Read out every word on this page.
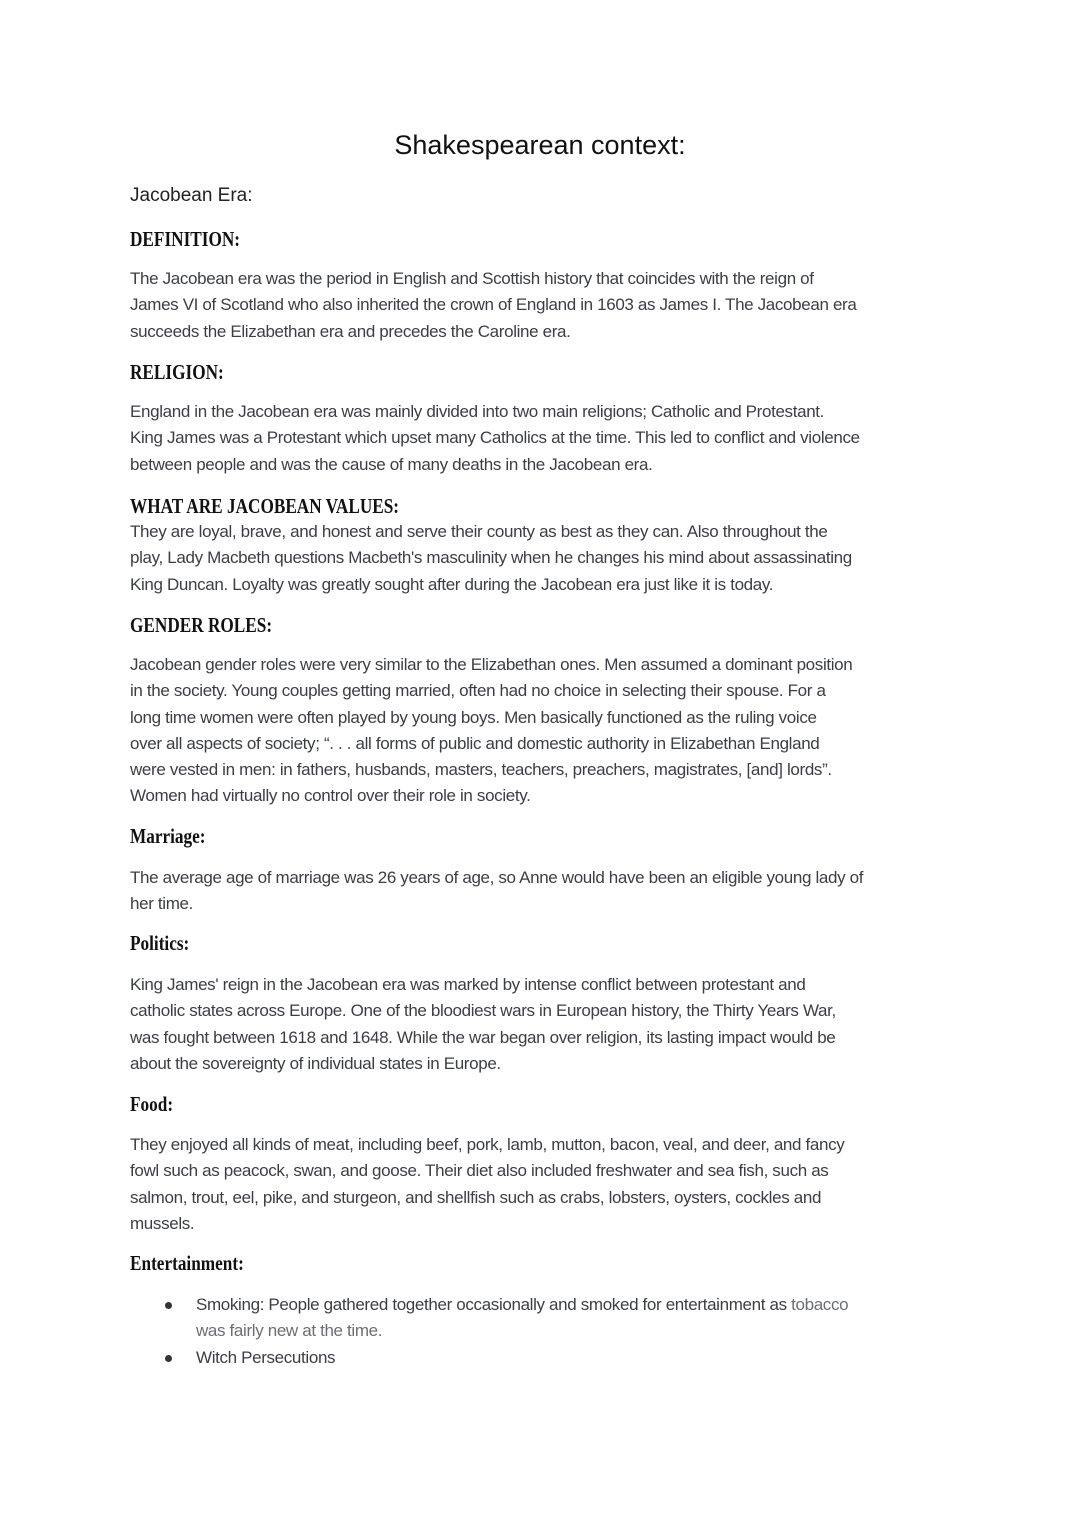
Shakespearean context:
Jacobean Era:
DEFINITION:
The Jacobean era was the period in English and Scottish history that coincides with the reign of
James VI of Scotland who also inherited the crown of England in 1603 as James I. The Jacobean era
succeeds the Elizabethan era and precedes the Caroline era.
RELIGION:
England in the Jacobean era was mainly divided into two main religions; Catholic and Protestant.
King James was a Protestant which upset many Catholics at the time. This led to conflict and violence
between people and was the cause of many deaths in the Jacobean era.
WHAT ARE JACOBEAN VALUES:
They are loyal, brave, and honest and serve their county as best as they can. Also throughout the
play, Lady Macbeth questions Macbeth's masculinity when he changes his mind about assassinating
King Duncan. Loyalty was greatly sought after during the Jacobean era just like it is today.
GENDER ROLES:
Jacobean gender roles were very similar to the Elizabethan ones. Men assumed a dominant position
in the society. Young couples getting married, often had no choice in selecting their spouse. For a
long time women were often played by young boys. Men basically functioned as the ruling voice
over all aspects of society; “. . . all forms of public and domestic authority in Elizabethan England
were vested in men: in fathers, husbands, masters, teachers, preachers, magistrates, [and] lords”.
Women had virtually no control over their role in society.
Marriage:
The average age of marriage was 26 years of age, so Anne would have been an eligible young lady of
her time.
Politics:
King James' reign in the Jacobean era was marked by intense conflict between protestant and
catholic states across Europe. One of the bloodiest wars in European history, the Thirty Years War,
was fought between 1618 and 1648. While the war began over religion, its lasting impact would be
about the sovereignty of individual states in Europe.
Food:
They enjoyed all kinds of meat, including beef, pork, lamb, mutton, bacon, veal, and deer, and fancy
fowl such as peacock, swan, and goose. Their diet also included freshwater and sea fish, such as
salmon, trout, eel, pike, and sturgeon, and shellfish such as crabs, lobsters, oysters, cockles and
mussels.
Entertainment:
Smoking: People gathered together occasionally and smoked for entertainment as tobacco
was fairly new at the time.
Witch Persecutions
